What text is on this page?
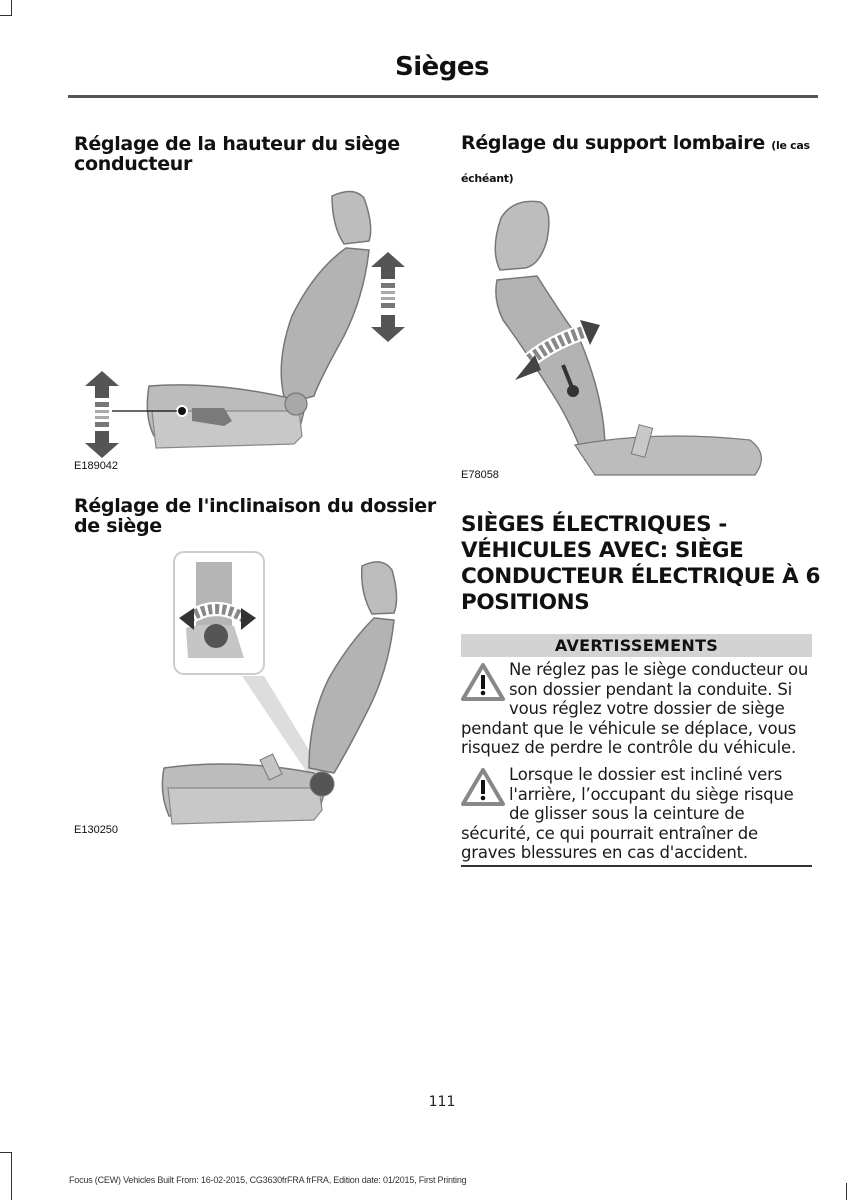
Sièges
Réglage de la hauteur du siège conducteur
E189042
Réglage du support lombaire (le cas échéant)
E78058
Réglage de l'inclinaison du dossier de siège
E130250
SIÈGES ÉLECTRIQUES - VÉHICULES AVEC: SIÈGE CONDUCTEUR ÉLECTRIQUE À 6 POSITIONS
AVERTISSEMENTS
Ne réglez pas le siège conducteur ou son dossier pendant la conduite. Si vous réglez votre dossier de siège pendant que le véhicule se déplace, vous risquez de perdre le contrôle du véhicule.
Lorsque le dossier est incliné vers l'arrière, l’occupant du siège risque de glisser sous la ceinture de sécurité, ce qui pourrait entraîner de graves blessures en cas d'accident.
111
Focus (CEW) Vehicles Built From: 16-02-2015, CG3630frFRA frFRA, Edition date: 01/2015, First Printing
